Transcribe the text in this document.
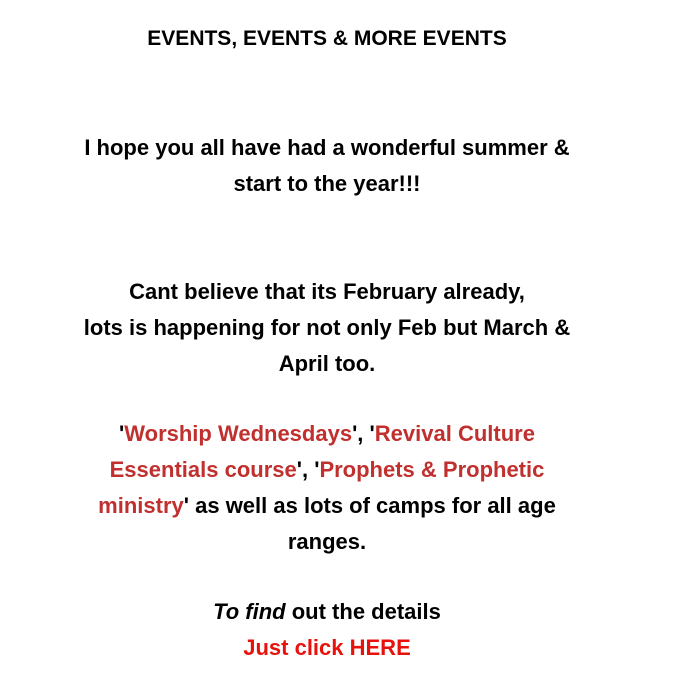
EVENTS, EVENTS & MORE EVENTS
I hope you all have had a wonderful summer &
start to the year!!!
Cant believe that its February already,
lots is happening for not only Feb but March &
April too.
'Worship Wednesdays', 'Revival Culture Essentials course', 'Prophets & Prophetic ministry' as well as lots of camps for all age ranges.
To find out the details
Just click HERE
